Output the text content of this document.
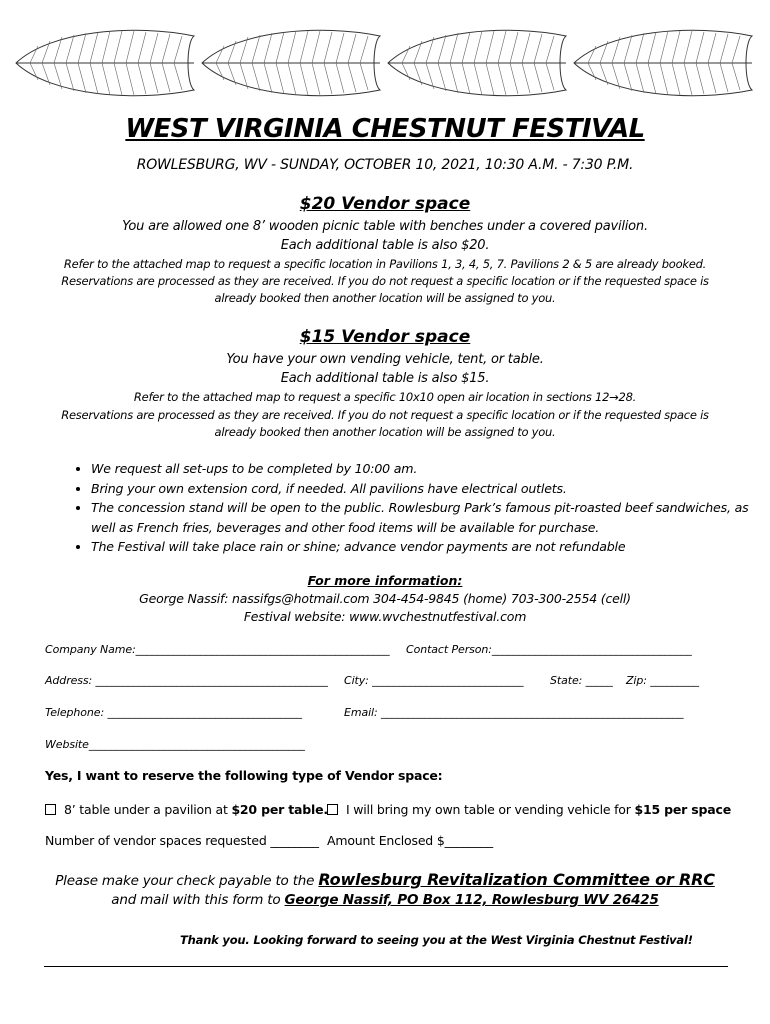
WEST VIRGINIA CHESTNUT FESTIVAL
ROWLESBURG, WV - SUNDAY, OCTOBER 10, 2021, 10:30 A.M. - 7:30 P.M.
$20 Vendor space
You are allowed one 8’ wooden picnic table with benches under a covered pavilion.
Each additional table is also $20.
Refer to the attached map to request a specific location in Pavilions 1, 3, 4, 5, 7. Pavilions 2 & 5 are already booked.
Reservations are processed as they are received. If you do not request a specific location or if the requested space is
already booked then another location will be assigned to you.
$15 Vendor space
You have your own vending vehicle, tent, or table.
Each additional table is also $15.
Refer to the attached map to request a specific 10x10 open air location in sections 12→28.
Reservations are processed as they are received. If you do not request a specific location or if the requested space is
already booked then another location will be assigned to you.
• We request all set-ups to be completed by 10:00 am.
• Bring your own extension cord, if needed. All pavilions have electrical outlets.
• The concession stand will be open to the public. Rowlesburg Park’s famous pit-roasted beef sandwiches, as well as French fries, beverages and other food items will be available for purchase.
• The Festival will take place rain or shine; advance vendor payments are not refundable
For more information:
George Nassif: nassifgs@hotmail.com 304-454-9845 (home) 703-300-2554 (cell)
Festival website: www.wvchestnutfestival.com
Company Name:_______________________________________________ Contact Person:_____________________________________
Address: ___________________________________________ City: ____________________________ State: _____ Zip: _________
Telephone: ____________________________________	Email: ________________________________________________________
Website________________________________________
Yes, I want to reserve the following type of Vendor space:
8’ table under a pavilion at $20 per table.	I will bring my own table or vending vehicle for $15 per space
Number of vendor spaces requested ________ Amount Enclosed $________
Please make your check payable to the Rowlesburg Revitalization Committee or RRC
and mail with this form to George Nassif, PO Box 112, Rowlesburg WV 26425
Thank you. Looking forward to seeing you at the West Virginia Chestnut Festival!
